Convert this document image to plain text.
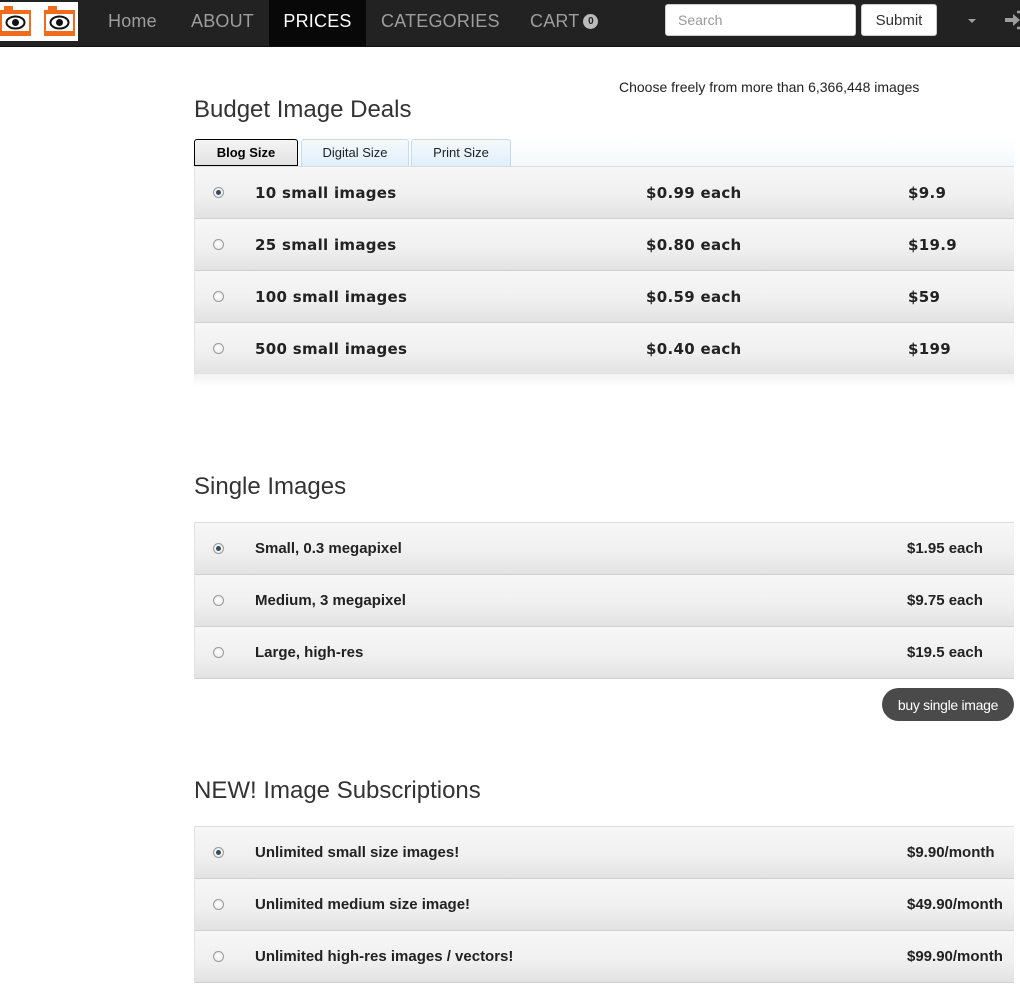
Home ABOUT	PRICES	CATEGORIES CART 0
Search	Submit
Choose freely from more than 6,366,448 images
Budget Image Deals
Blog Size	Digital Size	Print Size
10 small images	$0.99 each	$9.9
25 small images	$0.80 each	$19.9
100 small images	$0.59 each	$59
500 small images	$0.40 each	$199
Single Images
Small, 0.3 megapixel	$1.95 each
Medium, 3 megapixel	$9.75 each
Large, high-res	$19.5 each
buy single image
NEW! Image Subscriptions
Unlimited small size images!	$9.90/month
Unlimited medium size image!	$49.90/month
Unlimited high-res images / vectors!	$99.90/month
